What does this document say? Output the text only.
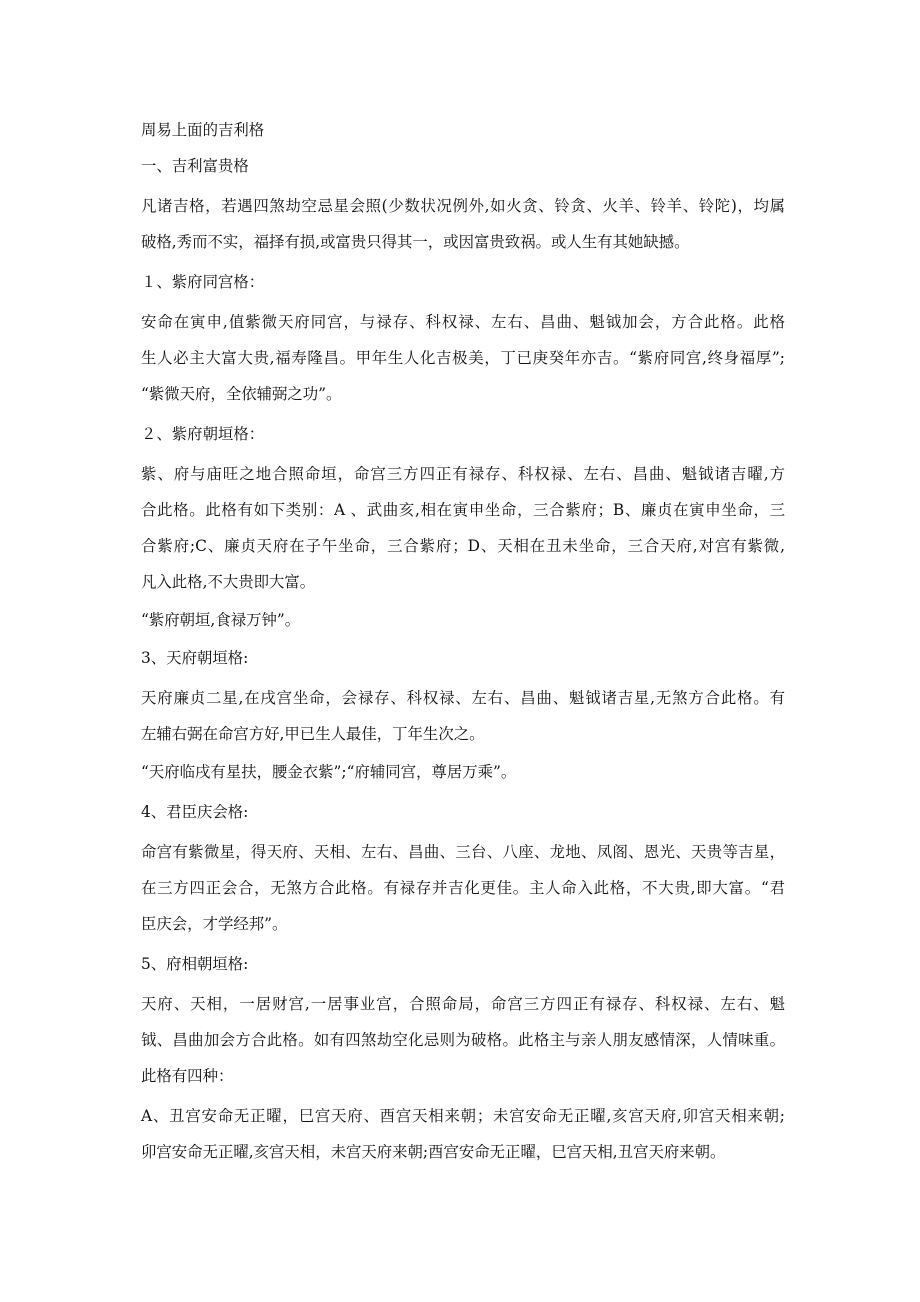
周易上面的吉利格
一、吉利富贵格
凡诸吉格，若遇四煞劫空忌星会照(少数状况例外,如火贪、铃贪、火羊、铃羊、铃陀)，均属
破格,秀而不实，福择有损,或富贵只得其一，或因富贵致祸。或人生有其她缺撼。
１、紫府同宫格：
安命在寅申,值紫微天府同宫，与禄存、科权禄、左右、昌曲、魁钺加会，方合此格。此格
生人必主大富大贵,福寿隆昌。甲年生人化吉极美，丁已庚癸年亦吉。“紫府同宫,终身福厚”;
“紫微天府，全依辅弼之功”。
２、紫府朝垣格：
紫、府与庙旺之地合照命垣，命宫三方四正有禄存、科权禄、左右、昌曲、魁钺诸吉曜,方
合此格。此格有如下类别：A 、武曲亥,相在寅申坐命，三合紫府；B、廉贞在寅申坐命，三
合紫府;C、廉贞天府在子午坐命，三合紫府；D、天相在丑未坐命，三合天府,对宫有紫微,
凡入此格,不大贵即大富。
“紫府朝垣,食禄万钟”。
3、天府朝垣格:
天府廉贞二星,在戌宫坐命，会禄存、科权禄、左右、昌曲、魁钺诸吉星,无煞方合此格。有
左辅右弼在命宫方好,甲已生人最佳，丁年生次之。
“天府临戌有星扶，腰金衣紫”;“府辅同宫，尊居万乘”。
4、君臣庆会格:
命宫有紫微星，得天府、天相、左右、昌曲、三台、八座、龙地、凤阁、恩光、天贵等吉星，
在三方四正会合，无煞方合此格。有禄存并吉化更佳。主人命入此格，不大贵,即大富。“君
臣庆会，才学经邦”。
5、府相朝垣格:
天府、天相，一居财宫,一居事业宫，合照命局，命宫三方四正有禄存、科权禄、左右、魁
钺、昌曲加会方合此格。如有四煞劫空化忌则为破格。此格主与亲人朋友感情深，人情味重。
此格有四种：
A、丑宫安命无正曜，巳宫天府、酉宫天相来朝；未宫安命无正曜,亥宫天府,卯宫天相来朝;
卯宫安命无正曜,亥宫天相，未宫天府来朝;酉宫安命无正曜，巳宫天相,丑宫天府来朝。
